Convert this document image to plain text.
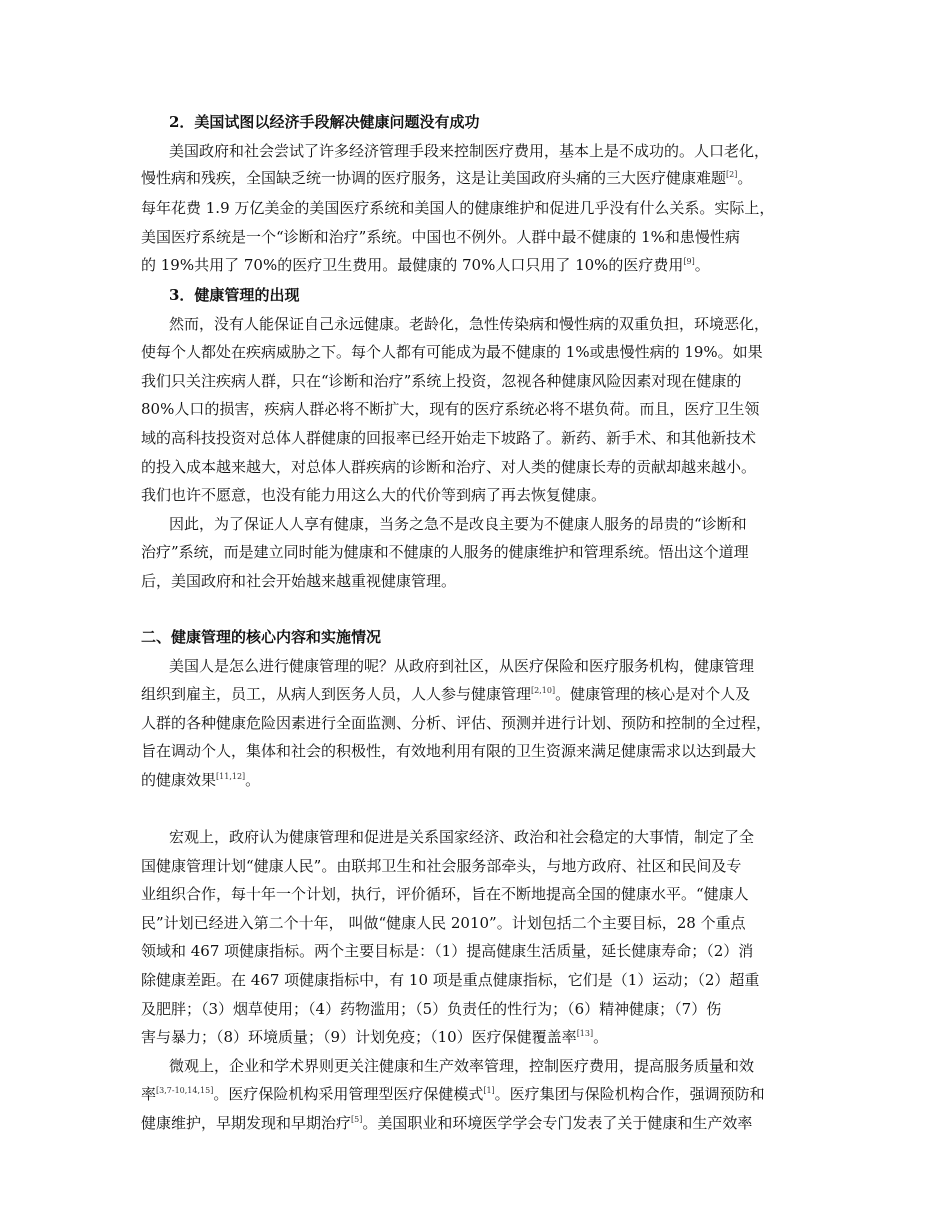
2．美国试图以经济手段解决健康问题没有成功
美国政府和社会尝试了许多经济管理手段来控制医疗费用，基本上是不成功的。人口老化，
慢性病和残疾，全国缺乏统一协调的医疗服务，这是让美国政府头痛的三大医疗健康难题[2]。
每年花费 1.9 万亿美金的美国医疗系统和美国人的健康维护和促进几乎没有什么关系。实际上，
美国医疗系统是一个“诊断和治疗”系统。中国也不例外。人群中最不健康的 1%和患慢性病
的 19%共用了 70%的医疗卫生费用。最健康的 70%人口只用了 10%的医疗费用[9]。
3．健康管理的出现
然而，没有人能保证自己永远健康。老龄化，急性传染病和慢性病的双重负担，环境恶化，
使每个人都处在疾病威胁之下。每个人都有可能成为最不健康的 1%或患慢性病的 19%。如果
我们只关注疾病人群，只在“诊断和治疗”系统上投资，忽视各种健康风险因素对现在健康的
80%人口的损害，疾病人群必将不断扩大，现有的医疗系统必将不堪负荷。而且，医疗卫生领
域的高科技投资对总体人群健康的回报率已经开始走下坡路了。新药、新手术、和其他新技术
的投入成本越来越大，对总体人群疾病的诊断和治疗、对人类的健康长寿的贡献却越来越小。
我们也许不愿意，也没有能力用这么大的代价等到病了再去恢复健康。
因此，为了保证人人享有健康，当务之急不是改良主要为不健康人服务的昂贵的“诊断和
治疗”系统，而是建立同时能为健康和不健康的人服务的健康维护和管理系统。悟出这个道理
后，美国政府和社会开始越来越重视健康管理。
二、健康管理的核心内容和实施情况
美国人是怎么进行健康管理的呢？从政府到社区，从医疗保险和医疗服务机构，健康管理
组织到雇主，员工，从病人到医务人员，人人参与健康管理[2,10]。健康管理的核心是对个人及
人群的各种健康危险因素进行全面监测、分析、评估、预测并进行计划、预防和控制的全过程，
旨在调动个人，集体和社会的积极性，有效地利用有限的卫生资源来满足健康需求以达到最大
的健康效果[11,12]。
宏观上，政府认为健康管理和促进是关系国家经济、政治和社会稳定的大事情，制定了全
国健康管理计划“健康人民”。由联邦卫生和社会服务部牵头，与地方政府、社区和民间及专
业组织合作，每十年一个计划，执行，评价循环，旨在不断地提高全国的健康水平。“健康人
民”计划已经进入第二个十年， 叫做“健康人民 2010”。计划包括二个主要目标，28 个重点
领域和 467 项健康指标。两个主要目标是：（1）提高健康生活质量，延长健康寿命；（2）消
除健康差距。在 467 项健康指标中，有 10 项是重点健康指标，它们是（1）运动；（2）超重
及肥胖；（3）烟草使用；（4）药物滥用；（5）负责任的性行为；（6）精神健康；（7）伤
害与暴力；（8）环境质量；（9）计划免疫；（10）医疗保健覆盖率[13]。
微观上，企业和学术界则更关注健康和生产效率管理，控制医疗费用，提高服务质量和效
率[3,7-10,14,15]。医疗保险机构采用管理型医疗保健模式[1]。医疗集团与保险机构合作，强调预防和
健康维护，早期发现和早期治疗[5]。美国职业和环境医学学会专门发表了关于健康和生产效率
